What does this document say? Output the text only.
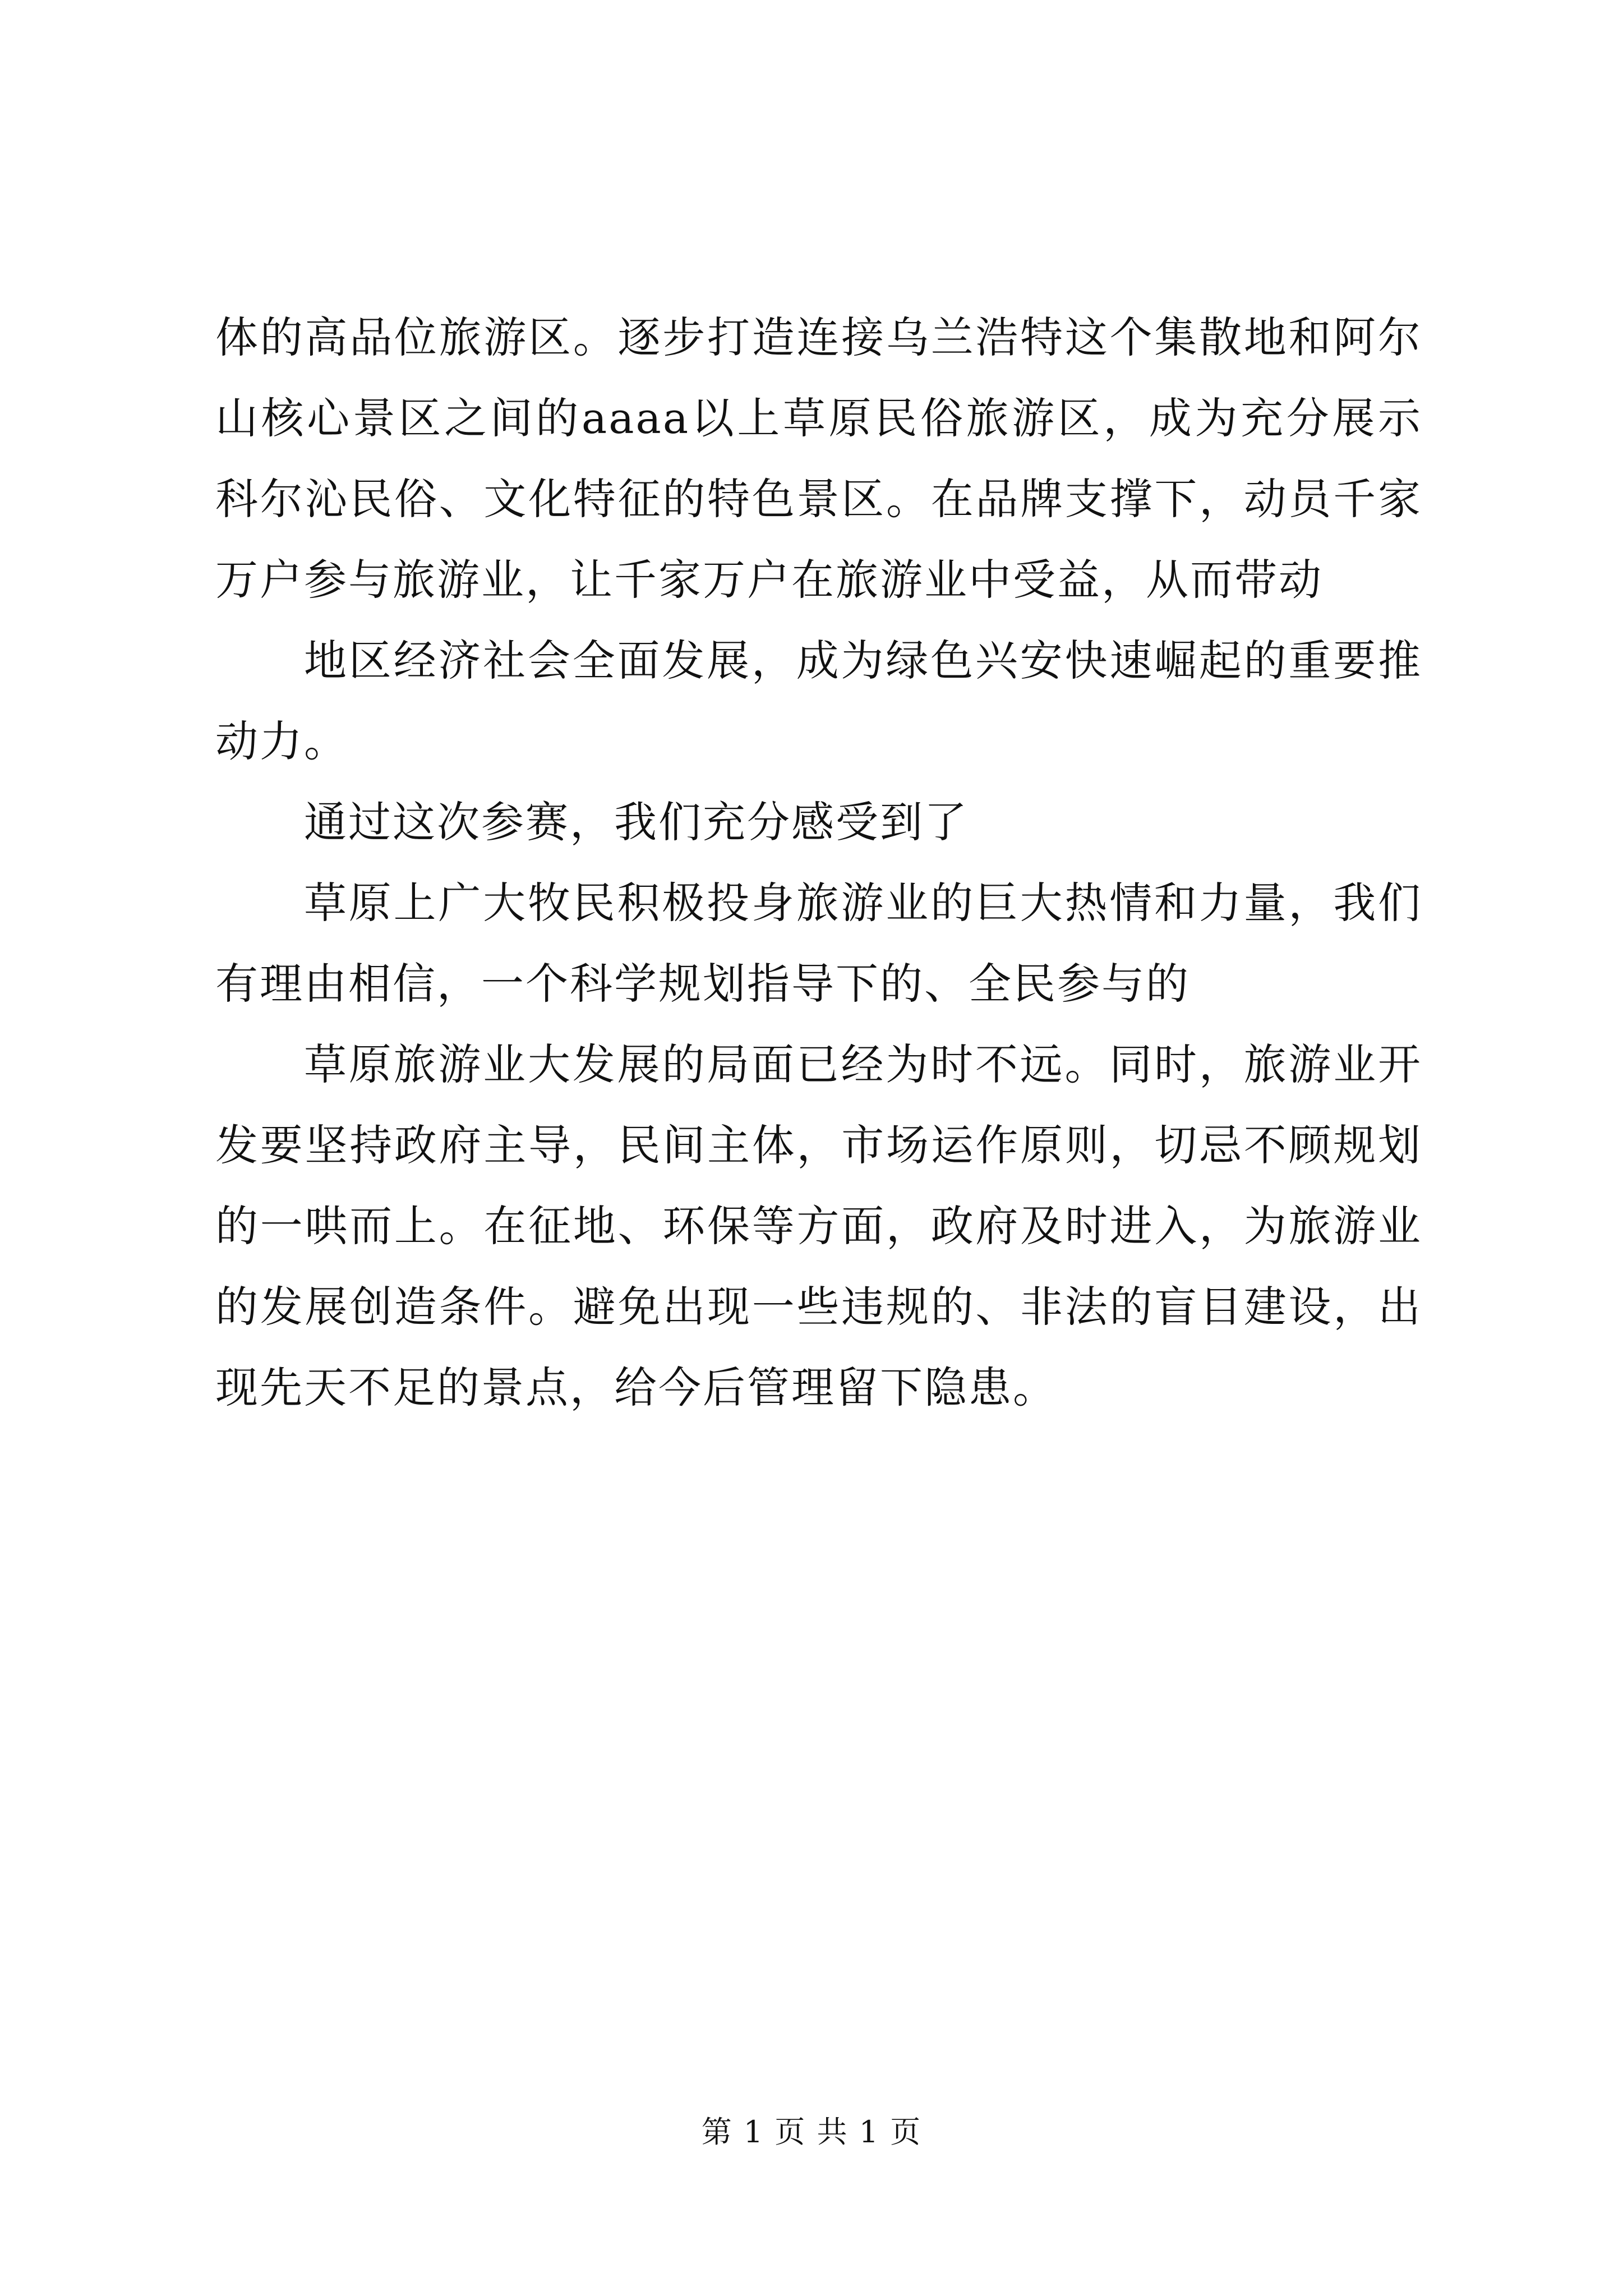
体的高品位旅游区。逐步打造连接乌兰浩特这个集散地和阿尔山核心景区之间的aaaa以上草原民俗旅游区，成为充分展示科尔沁民俗、文化特征的特色景区。在品牌支撑下，动员千家万户参与旅游业，让千家万户在旅游业中受益，从而带动

地区经济社会全面发展，成为绿色兴安快速崛起的重要推动力。

通过这次参赛，我们充分感受到了

草原上广大牧民积极投身旅游业的巨大热情和力量，我们有理由相信，一个科学规划指导下的、全民参与的

草原旅游业大发展的局面已经为时不远。同时，旅游业开发要坚持政府主导，民间主体，市场运作原则，切忌不顾规划的一哄而上。在征地、环保等方面，政府及时进入，为旅游业的发展创造条件。避免出现一些违规的、非法的盲目建设，出现先天不足的景点，给今后管理留下隐患。

第 1 页 共 1 页
